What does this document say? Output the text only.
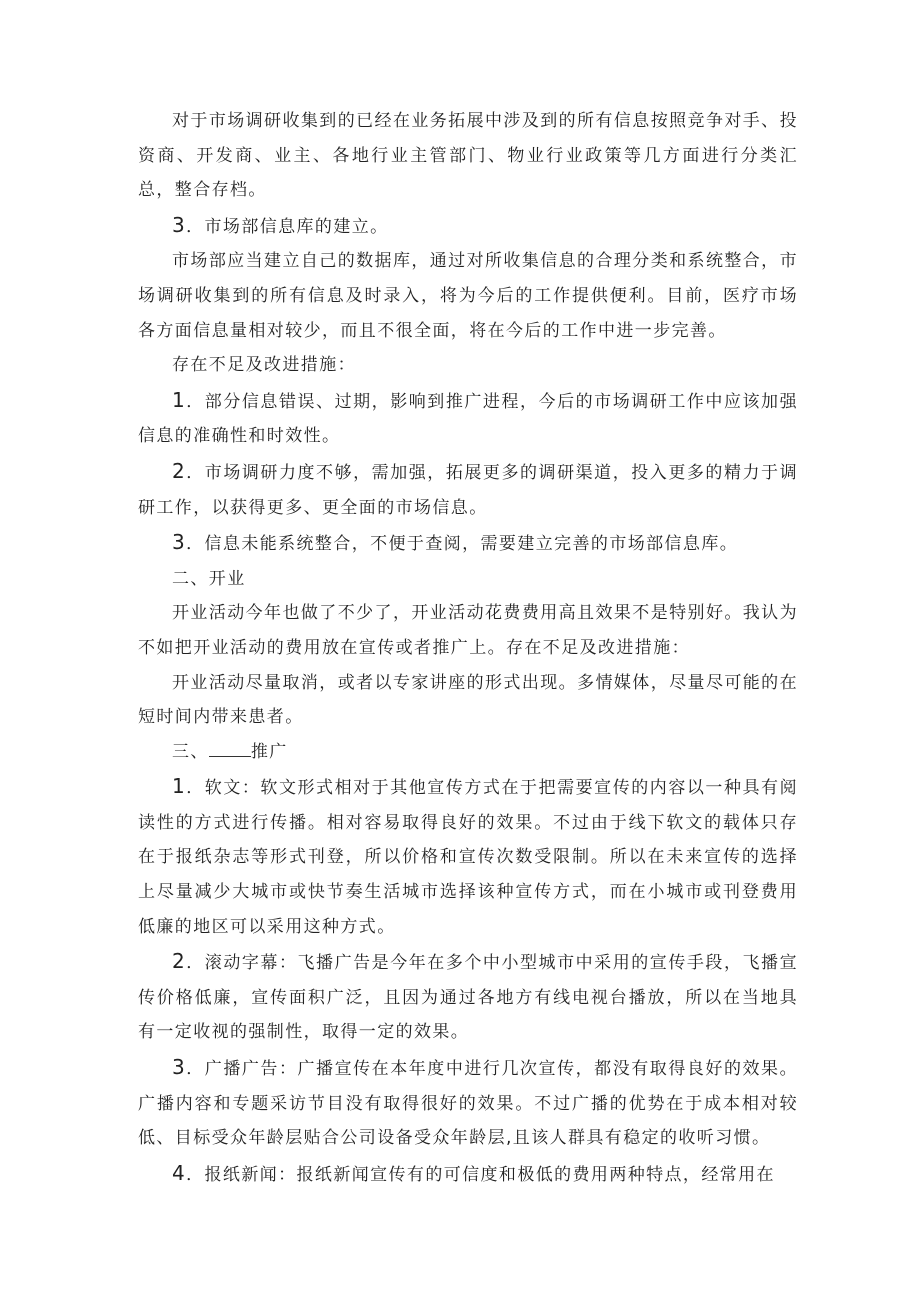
对于市场调研收集到的已经在业务拓展中涉及到的所有信息按照竞争对手、投资商、开发商、业主、各地行业主管部门、物业行业政策等几方面进行分类汇总，整合存档。

3．市场部信息库的建立。

市场部应当建立自己的数据库，通过对所收集信息的合理分类和系统整合，市场调研收集到的所有信息及时录入，将为今后的工作提供便利。目前，医疗市场各方面信息量相对较少，而且不很全面，将在今后的工作中进一步完善。

存在不足及改进措施：

1．部分信息错误、过期，影响到推广进程，今后的市场调研工作中应该加强信息的准确性和时效性。

2．市场调研力度不够，需加强，拓展更多的调研渠道，投入更多的精力于调研工作，以获得更多、更全面的市场信息。

3．信息未能系统整合，不便于查阅，需要建立完善的市场部信息库。

二、开业

开业活动今年也做了不少了，开业活动花费费用高且效果不是特别好。我认为不如把开业活动的费用放在宣传或者推广上。存在不足及改进措施：

开业活动尽量取消，或者以专家讲座的形式出现。多情媒体，尽量尽可能的在短时间内带来患者。

三、 推广

1．软文：软文形式相对于其他宣传方式在于把需要宣传的内容以一种具有阅读性的方式进行传播。相对容易取得良好的效果。不过由于线下软文的载体只存在于报纸杂志等形式刊登，所以价格和宣传次数受限制。所以在未来宣传的选择上尽量减少大城市或快节奏生活城市选择该种宣传方式，而在小城市或刊登费用低廉的地区可以采用这种方式。

2．滚动字幕：飞播广告是今年在多个中小型城市中采用的宣传手段，飞播宣传价格低廉，宣传面积广泛，且因为通过各地方有线电视台播放，所以在当地具有一定收视的强制性，取得一定的效果。

3．广播广告：广播宣传在本年度中进行几次宣传，都没有取得良好的效果。广播内容和专题采访节目没有取得很好的效果。不过广播的优势在于成本相对较低、目标受众年龄层贴合公司设备受众年龄层,且该人群具有稳定的收听习惯。

4．报纸新闻：报纸新闻宣传有的可信度和极低的费用两种特点，经常用在
